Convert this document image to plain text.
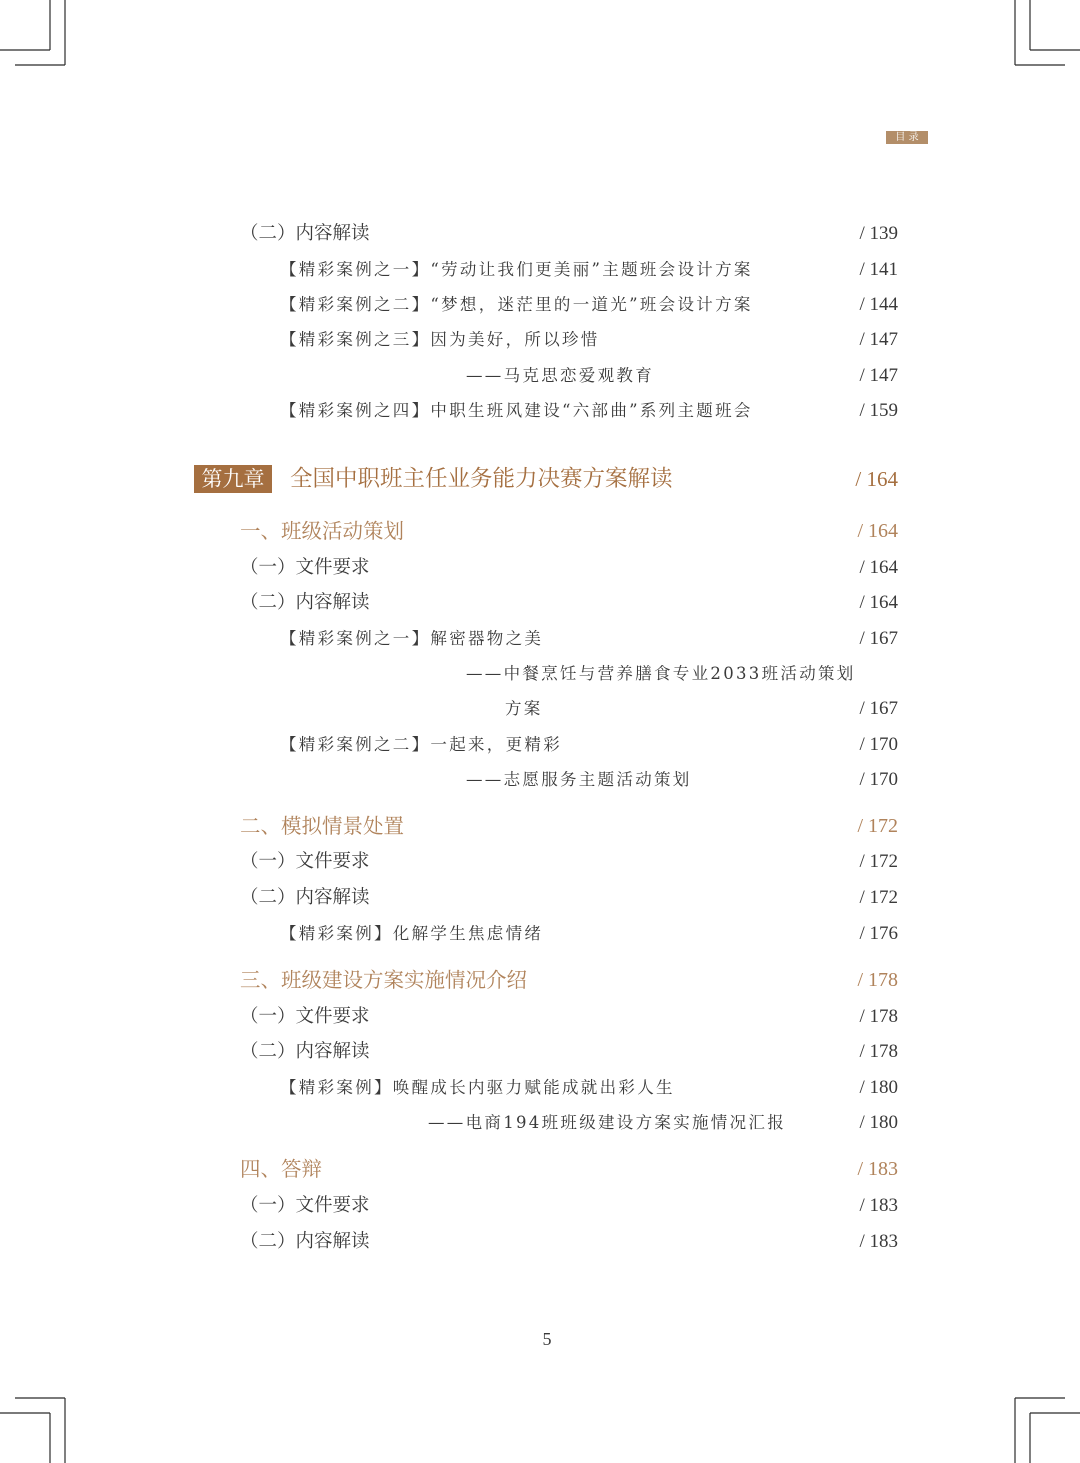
目 录
（二）内容解读	/ 139
【精彩案例之一】“劳动让我们更美丽”主题班会设计方案	/ 141
【精彩案例之二】“梦想，迷茫里的一道光”班会设计方案	/ 144
【精彩案例之三】因为美好，所以珍惜	/ 147
——马克思恋爱观教育	/ 147
【精彩案例之四】中职生班风建设“六部曲”系列主题班会	/ 159
第九章	全国中职班主任业务能力决赛方案解读	/ 164
一、班级活动策划	/ 164
（一）文件要求	/ 164
（二）内容解读	/ 164
【精彩案例之一】解密器物之美	/ 167
——中餐烹饪与营养膳食专业2033班活动策划
方案	/ 167
【精彩案例之二】一起来，更精彩	/ 170
——志愿服务主题活动策划	/ 170
二、模拟情景处置	/ 172
（一）文件要求	/ 172
（二）内容解读	/ 172
【精彩案例】化解学生焦虑情绪	/ 176
三、班级建设方案实施情况介绍	/ 178
（一）文件要求	/ 178
（二）内容解读	/ 178
【精彩案例】唤醒成长内驱力赋能成就出彩人生	/ 180
——电商194班班级建设方案实施情况汇报	/ 180
四、答辩	/ 183
（一）文件要求	/ 183
（二）内容解读	/ 183
5
